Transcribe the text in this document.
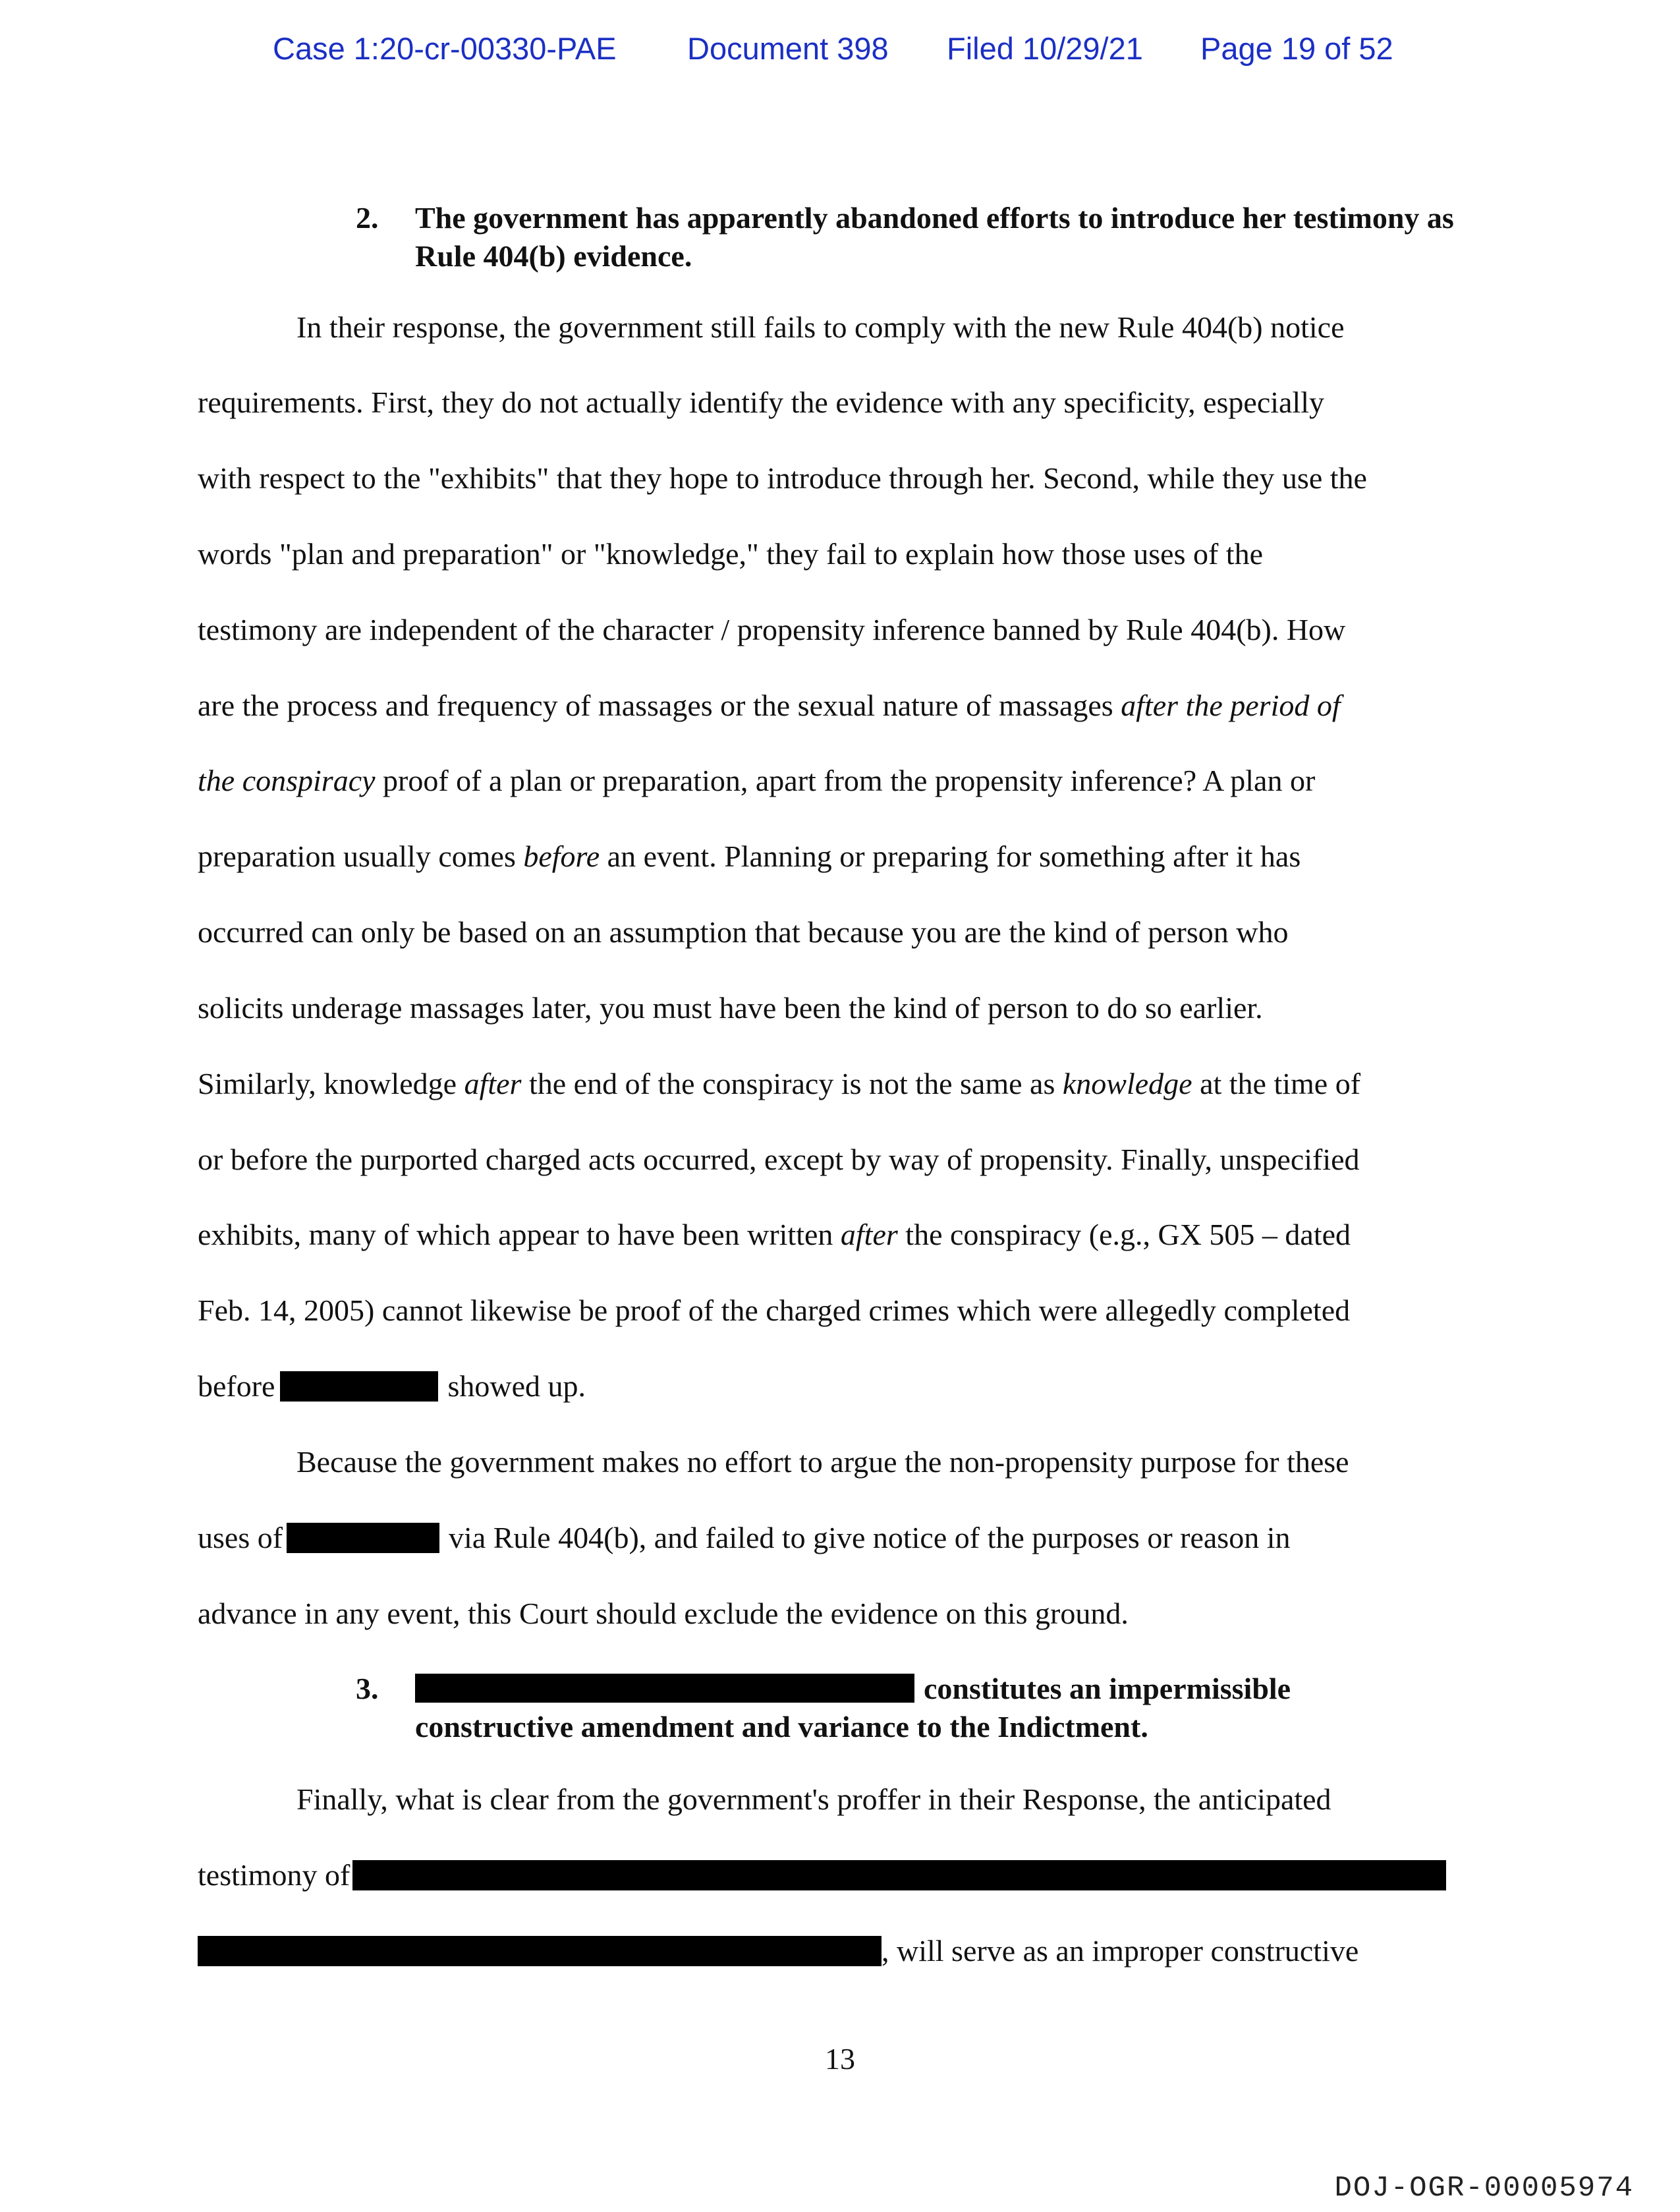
Case 1:20-cr-00330-PAE Document 398 Filed 10/29/21 Page 19 of 52
2. The government has apparently abandoned efforts to introduce her testimony as Rule 404(b) evidence.
In their response, the government still fails to comply with the new Rule 404(b) notice
requirements. First, they do not actually identify the evidence with any specificity, especially
with respect to the "exhibits" that they hope to introduce through her. Second, while they use the
words "plan and preparation" or "knowledge," they fail to explain how those uses of the
testimony are independent of the character / propensity inference banned by Rule 404(b). How
are the process and frequency of massages or the sexual nature of massages after the period of
the conspiracy proof of a plan or preparation, apart from the propensity inference? A plan or
preparation usually comes before an event. Planning or preparing for something after it has
occurred can only be based on an assumption that because you are the kind of person who
solicits underage massages later, you must have been the kind of person to do so earlier.
Similarly, knowledge after the end of the conspiracy is not the same as knowledge at the time of
or before the purported charged acts occurred, except by way of propensity. Finally, unspecified
exhibits, many of which appear to have been written after the conspiracy (e.g., GX 505 – dated
Feb. 14, 2005) cannot likewise be proof of the charged crimes which were allegedly completed
before	showed up.
Because the government makes no effort to argue the non-propensity purpose for these
uses of	via Rule 404(b), and failed to give notice of the purposes or reason in
advance in any event, this Court should exclude the evidence on this ground.
3.	constitutes an impermissible
constructive amendment and variance to the Indictment.
Finally, what is clear from the government's proffer in their Response, the anticipated
testimony of
, will serve as an improper constructive
13
DOJ-OGR-00005974
